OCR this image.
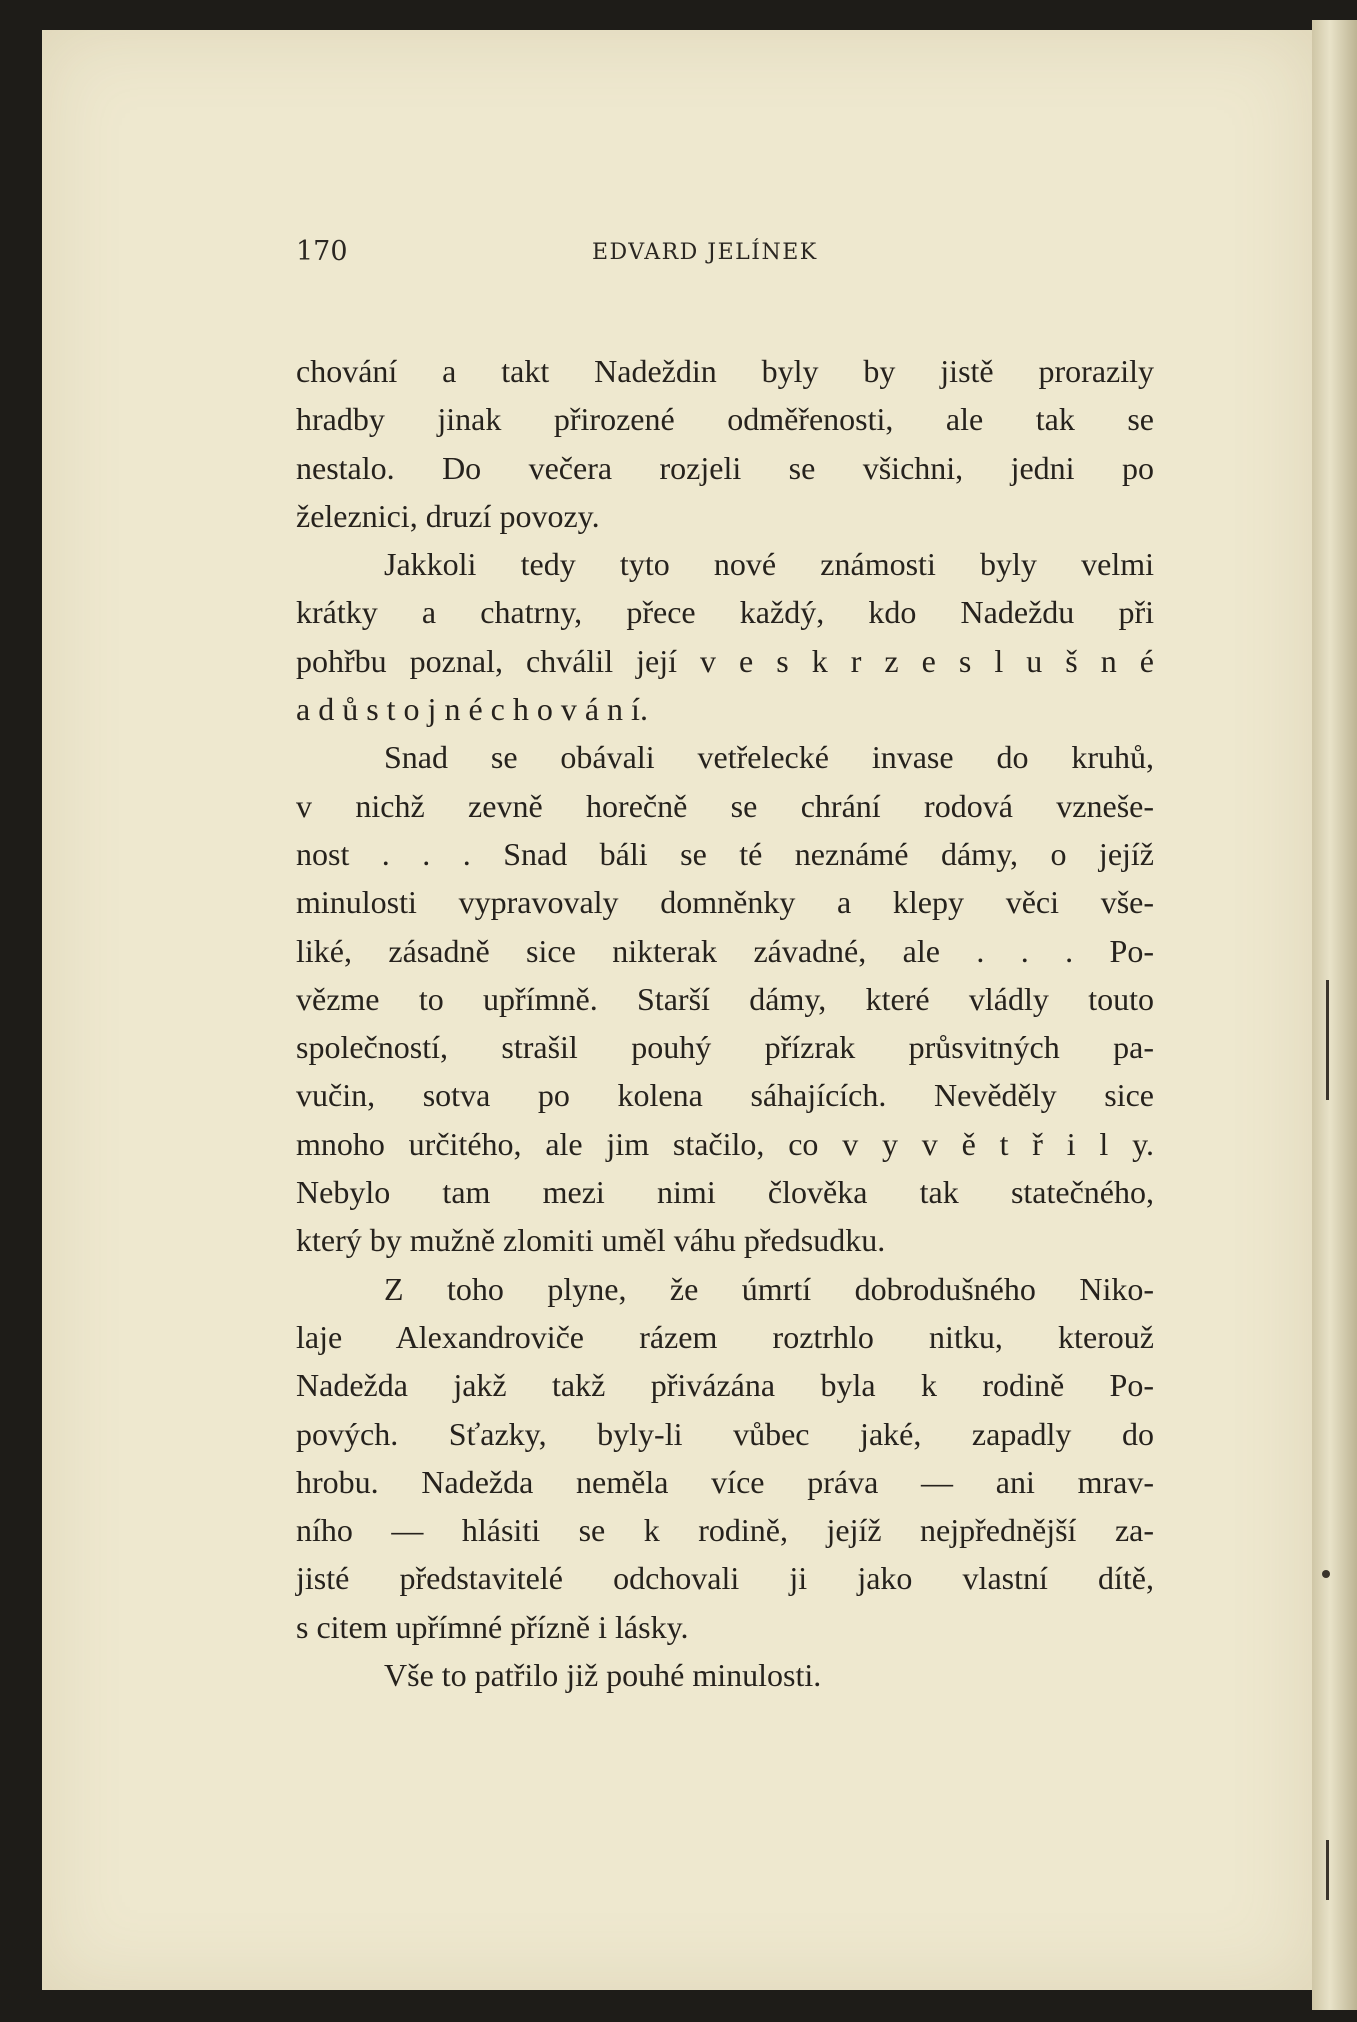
170	EDVARD JELÍNEK
chování a takt Nadeždin byly by jistě prorazily
hradby jinak přirozené odměřenosti, ale tak se
nestalo. Do večera rozjeli se všichni, jedni po
železnici, druzí povozy.
Jakkoli tedy tyto nové známosti byly velmi
krátky a chatrny, přece každý, kdo Nadeždu při
pohřbu poznal, chválil její v e s k r z e s l u š n é
a d ů s t o j n é c h o v á n í.
Snad se obávali vetřelecké invase do kruhů,
v nichž zevně horečně se chrání rodová vzneše-
nost . . . Snad báli se té neznámé dámy, o jejíž
minulosti vypravovaly domněnky a klepy věci vše-
liké, zásadně sice nikterak závadné, ale . . . Po-
vězme to upřímně. Starší dámy, které vládly touto
společností, strašil pouhý přízrak průsvitných pa-
vučin, sotva po kolena sáhajících. Nevěděly sice
mnoho určitého, ale jim stačilo, co v y v ě t ř i l y.
Nebylo tam mezi nimi člověka tak statečného,
který by mužně zlomiti uměl váhu předsudku.
Z toho plyne, že úmrtí dobrodušného Niko-
laje Alexandroviče rázem roztrhlo nitku, kterouž
Nadežda jakž takž přivázána byla k rodině Po-
pových. Sťazky, byly-li vůbec jaké, zapadly do
hrobu. Nadežda neměla více práva — ani mrav-
ního — hlásiti se k rodině, jejíž nejpřednější za-
jisté představitelé odchovali ji jako vlastní dítě,
s citem upřímné přízně i lásky.
Vše to patřilo již pouhé minulosti.
